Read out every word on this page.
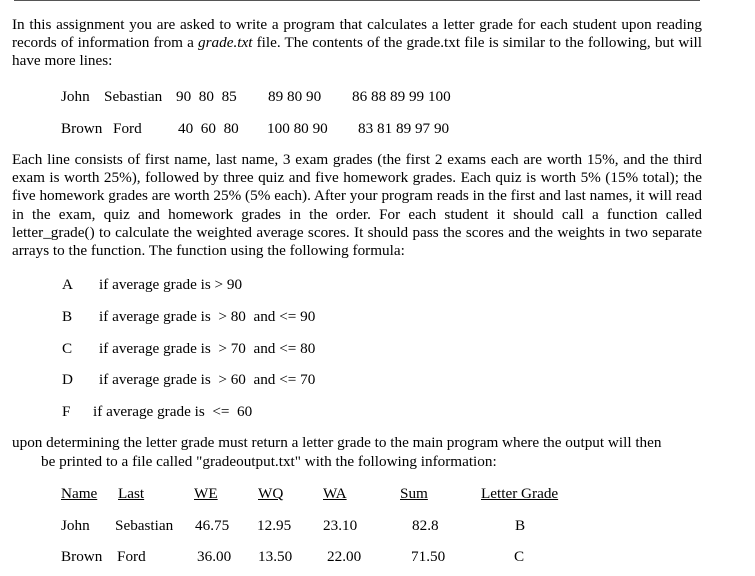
In this assignment you are asked to write a program that calculates a letter grade for each student upon reading records of information from a grade.txt file. The contents of the grade.txt file is similar to the following, but will have more lines:

John Sebastian 90  80  85 89 80 90 86 88 89 99 100
Brown Ford 40  60  80 100 80 90 83 81 89 97 90

Each line consists of first name, last name, 3 exam grades (the first 2 exams each are worth 15%, and the third exam is worth 25%), followed by three quiz and five homework grades. Each quiz is worth 5% (15% total); the five homework grades are worth 25% (5% each). After your program reads in the first and last names, it will read in the exam, quiz and homework grades in the order. For each student it should call a function called letter_grade() to calculate the weighted average scores. It should pass the scores and the weights in two separate arrays to the function. The function using the following formula:

A if average grade is > 90
B if average grade is  > 80  and <= 90
C if average grade is  > 70  and <= 80
D if average grade is  > 60  and <= 70
F if average grade is  <=  60
upon determining the letter grade must return a letter grade to the main program where the output will then
be printed to a file called "gradeoutput.txt" with the following information:
Name Last	WE	WQ	WA	Sum	Letter Grade
John Sebastian 46.75 12.95 23.10	82.8	B
Brown Ford	36.00 13.50 22.00	71.50	C
